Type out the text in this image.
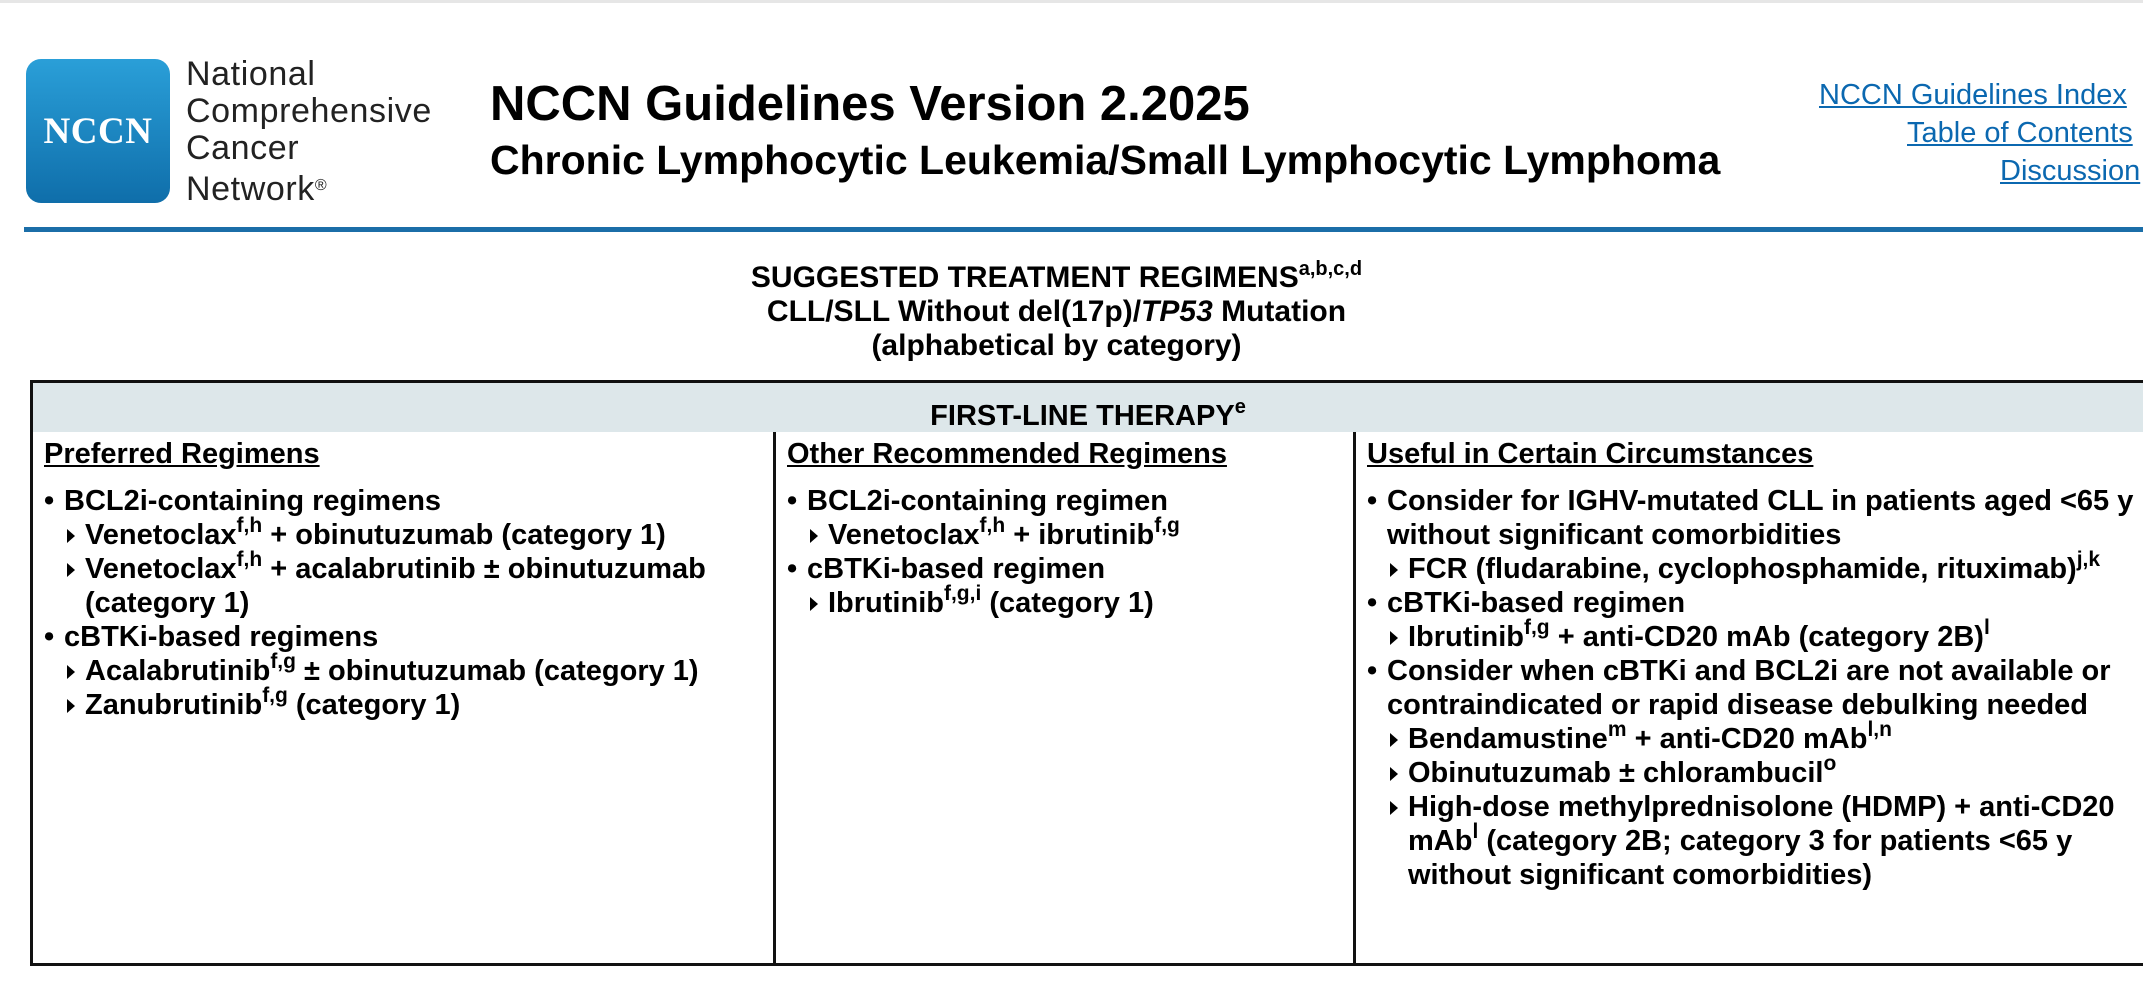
NCCN
National
Comprehensive
Cancer
Network®
NCCN Guidelines Version 2.2025
Chronic Lymphocytic Leukemia/Small Lymphocytic Lymphoma
NCCN Guidelines Index
Table of Contents
Discussion
SUGGESTED TREATMENT REGIMENS$^{a,b,c,d}$
CLL/SLL Without del(17p)/TP53 Mutation
(alphabetical by category)
FIRST-LINE THERAPY$^e$
Preferred Regimens
• BCL2i-containing regimens
Venetoclax$^{f,h}$ + obinutuzumab (category 1)
Venetoclax$^{f,h}$ + acalabrutinib ± obinutuzumab (category 1)
• cBTKi-based regimens
Acalabrutinib$^{f,g}$ ± obinutuzumab (category 1)
Zanubrutinib$^{f,g}$ (category 1)
Other Recommended Regimens
• BCL2i-containing regimen
Venetoclax$^{f,h}$ + ibrutinib$^{f,g}$
• cBTKi-based regimen
Ibrutinib$^{f,g,i}$ (category 1)
Useful in Certain Circumstances
• Consider for IGHV-mutated CLL in patients aged <65 y without significant comorbidities
FCR (fludarabine, cyclophosphamide, rituximab)$^{j,k}$
• cBTKi-based regimen
Ibrutinib$^{f,g}$ + anti-CD20 mAb (category 2B)$^l$
• Consider when cBTKi and BCL2i are not available or contraindicated or rapid disease debulking needed
Bendamustine$^m$ + anti-CD20 mAb$^{l,n}$
Obinutuzumab ± chlorambucil$^o$
High-dose methylprednisolone (HDMP) + anti-CD20 mAb$^l$ (category 2B; category 3 for patients <65 y without significant comorbidities)
